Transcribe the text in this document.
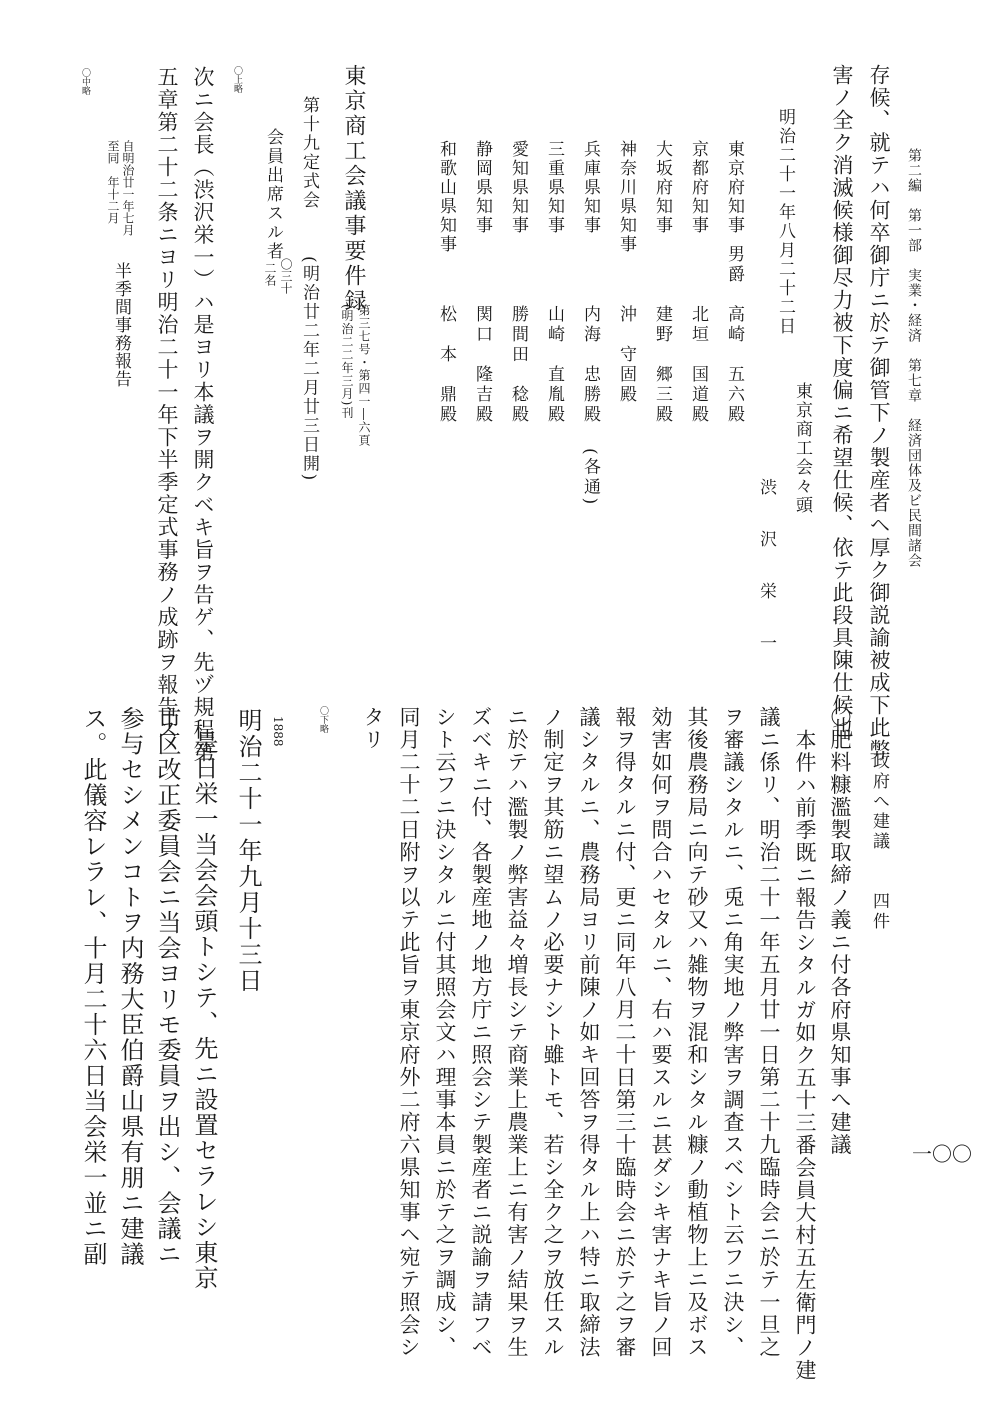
第二編　第一部　実業・経済　第七章　経済団体及ビ民間諸会
存候、就テハ何卒御庁ニ於テ御管下ノ製産者ヘ厚ク御説諭被成下此弊
害ノ全ク消滅候様御尽力被下度偏ニ希望仕候、依テ此段具陳仕候也
明治二十一年八月二十二日
東京商工会々頭
渋　沢　栄　一
東京府知事
男爵　高崎　五六殿
京都府知事
北垣　国道殿
大坂府知事
建野　郷三殿
神奈川県知事
沖　守固殿
兵庫県知事
内海　忠勝殿
(各通)
三重県知事
山崎　直胤殿
愛知県知事
勝間田　稔殿
静岡県知事
関口　隆吉殿
和歌山県知事
松　本　鼎殿
東京商工会議事要件録
第三七号・第四一―六頁
(明治二二年三月)刊
第十九定式会
(明治廿二年二月廿三日開)
会員出席スル者
〇三十
二名
〇上略
次ニ会長（渋沢栄一）ハ是ヨリ本議ヲ開クベキ旨ヲ告ゲ、先ヅ規程第
五章第二十二条ニヨリ明治二十一年下半季定式事務ノ成跡ヲ報告ス
自明治廿一年七月
至同　年十二月
半季間事務報告
〇中略
一〇〇
政府へ建議　　四件
〇肥料糠濫製取締ノ義ニ付各府県知事へ建議
本件ハ前季既ニ報告シタルガ如ク五十三番会員大村五左衛門ノ建
議ニ係リ、明治二十一年五月廿一日第二十九臨時会ニ於テ一旦之
ヲ審議シタルニ、兎ニ角実地ノ弊害ヲ調査スベシト云フニ決シ、
其後農務局ニ向テ砂又ハ雑物ヲ混和シタル糠ノ動植物上ニ及ボス
効害如何ヲ問合ハセタルニ、右ハ要スルニ甚ダシキ害ナキ旨ノ回
報ヲ得タルニ付、更ニ同年八月二十日第三十臨時会ニ於テ之ヲ審
議シタルニ、農務局ヨリ前陳ノ如キ回答ヲ得タル上ハ特ニ取締法
ノ制定ヲ其筋ニ望ムノ必要ナシト雖トモ、若シ全ク之ヲ放任スル
ニ於テハ濫製ノ弊害益々増長シテ商業上農業上ニ有害ノ結果ヲ生
ズベキニ付、各製産地ノ地方庁ニ照会シテ製産者ニ説諭ヲ請フベ
シト云フニ決シタルニ付其照会文ハ理事本員ニ於テ之ヲ調成シ、
同月二十二日附ヲ以テ此旨ヲ東京府外二府六県知事ヘ宛テ照会シ
タリ
〇下略
1888
明治二十一年九月十三日
是日栄一当会会頭トシテ、先ニ設置セラレシ東京
市区改正委員会ニ当会ヨリモ委員ヲ出シ、会議ニ
参与セシメンコトヲ内務大臣伯爵山県有朋ニ建議
ス。此儀容レラレ、十月二十六日当会栄一並ニ副
